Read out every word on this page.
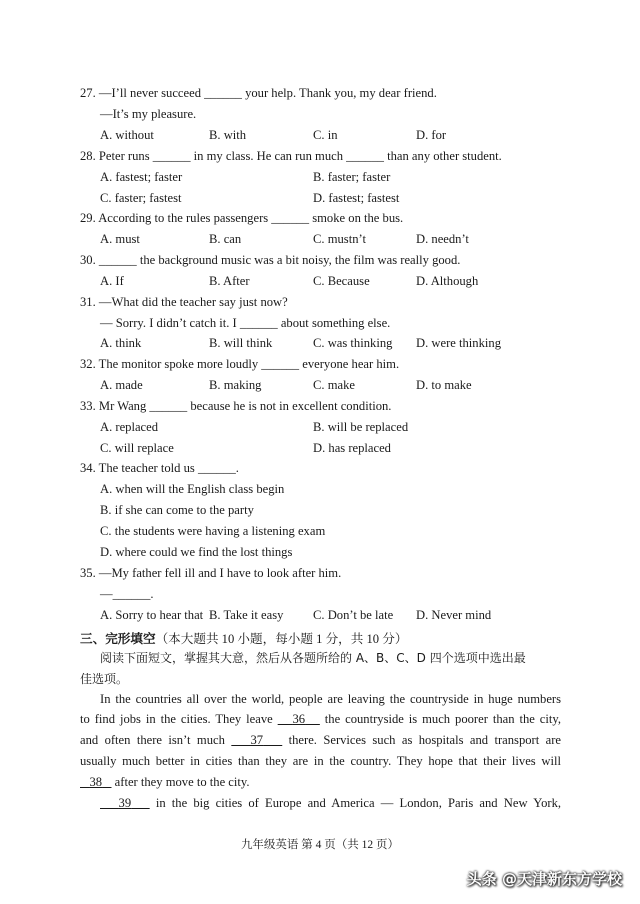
27. —I’ll never succeed ______ your help. Thank you, my dear friend.
—It’s my pleasure.
A. without	B. with	C. in	D. for
28. Peter runs ______ in my class. He can run much ______ than any other student.
A. fastest; faster	B. faster; faster
C. faster; fastest	D. fastest; fastest
29. According to the rules passengers ______ smoke on the bus.
A. must	B. can	C. mustn’t	D. needn’t
30. ______ the background music was a bit noisy, the film was really good.
A. If	B. After	C. Because	D. Although
31. —What did the teacher say just now?
— Sorry. I didn’t catch it. I ______ about something else.
A. think	B. will think	C. was thinking D. were thinking
32. The monitor spoke more loudly ______ everyone hear him.
A. made	B. making	C. make	D. to make
33. Mr Wang ______ because he is not in excellent condition.
A. replaced	B. will be replaced
C. will replace	D. has replaced
34. The teacher told us ______.
A. when will the English class begin
B. if she can come to the party
C. the students were having a listening exam
D. where could we find the lost things
35. —My father fell ill and I have to look after him.
—______.
A. Sorry to hear that B. Take it easy C. Don’t be late D. Never mind
三、完形填空（本大题共 10 小题，每小题 1 分，共 10 分）
阅读下面短文，掌握其大意，然后从各题所给的 A、B、C、D 四个选项中选出最
佳选项。
In the countries all over the world, people are leaving the countryside in huge numbers
to find jobs in the cities. They leave 36 the countryside is much poorer than the city,
and often there isn’t much 37 there. Services such as hospitals and transport are
usually much better in cities than they are in the country. They hope that their lives will
38 after they move to the city.
39 in the big cities of Europe and America — London, Paris and New York,
九年级英语 第 4 页（共 12 页）
头条 @天津新东方学校
